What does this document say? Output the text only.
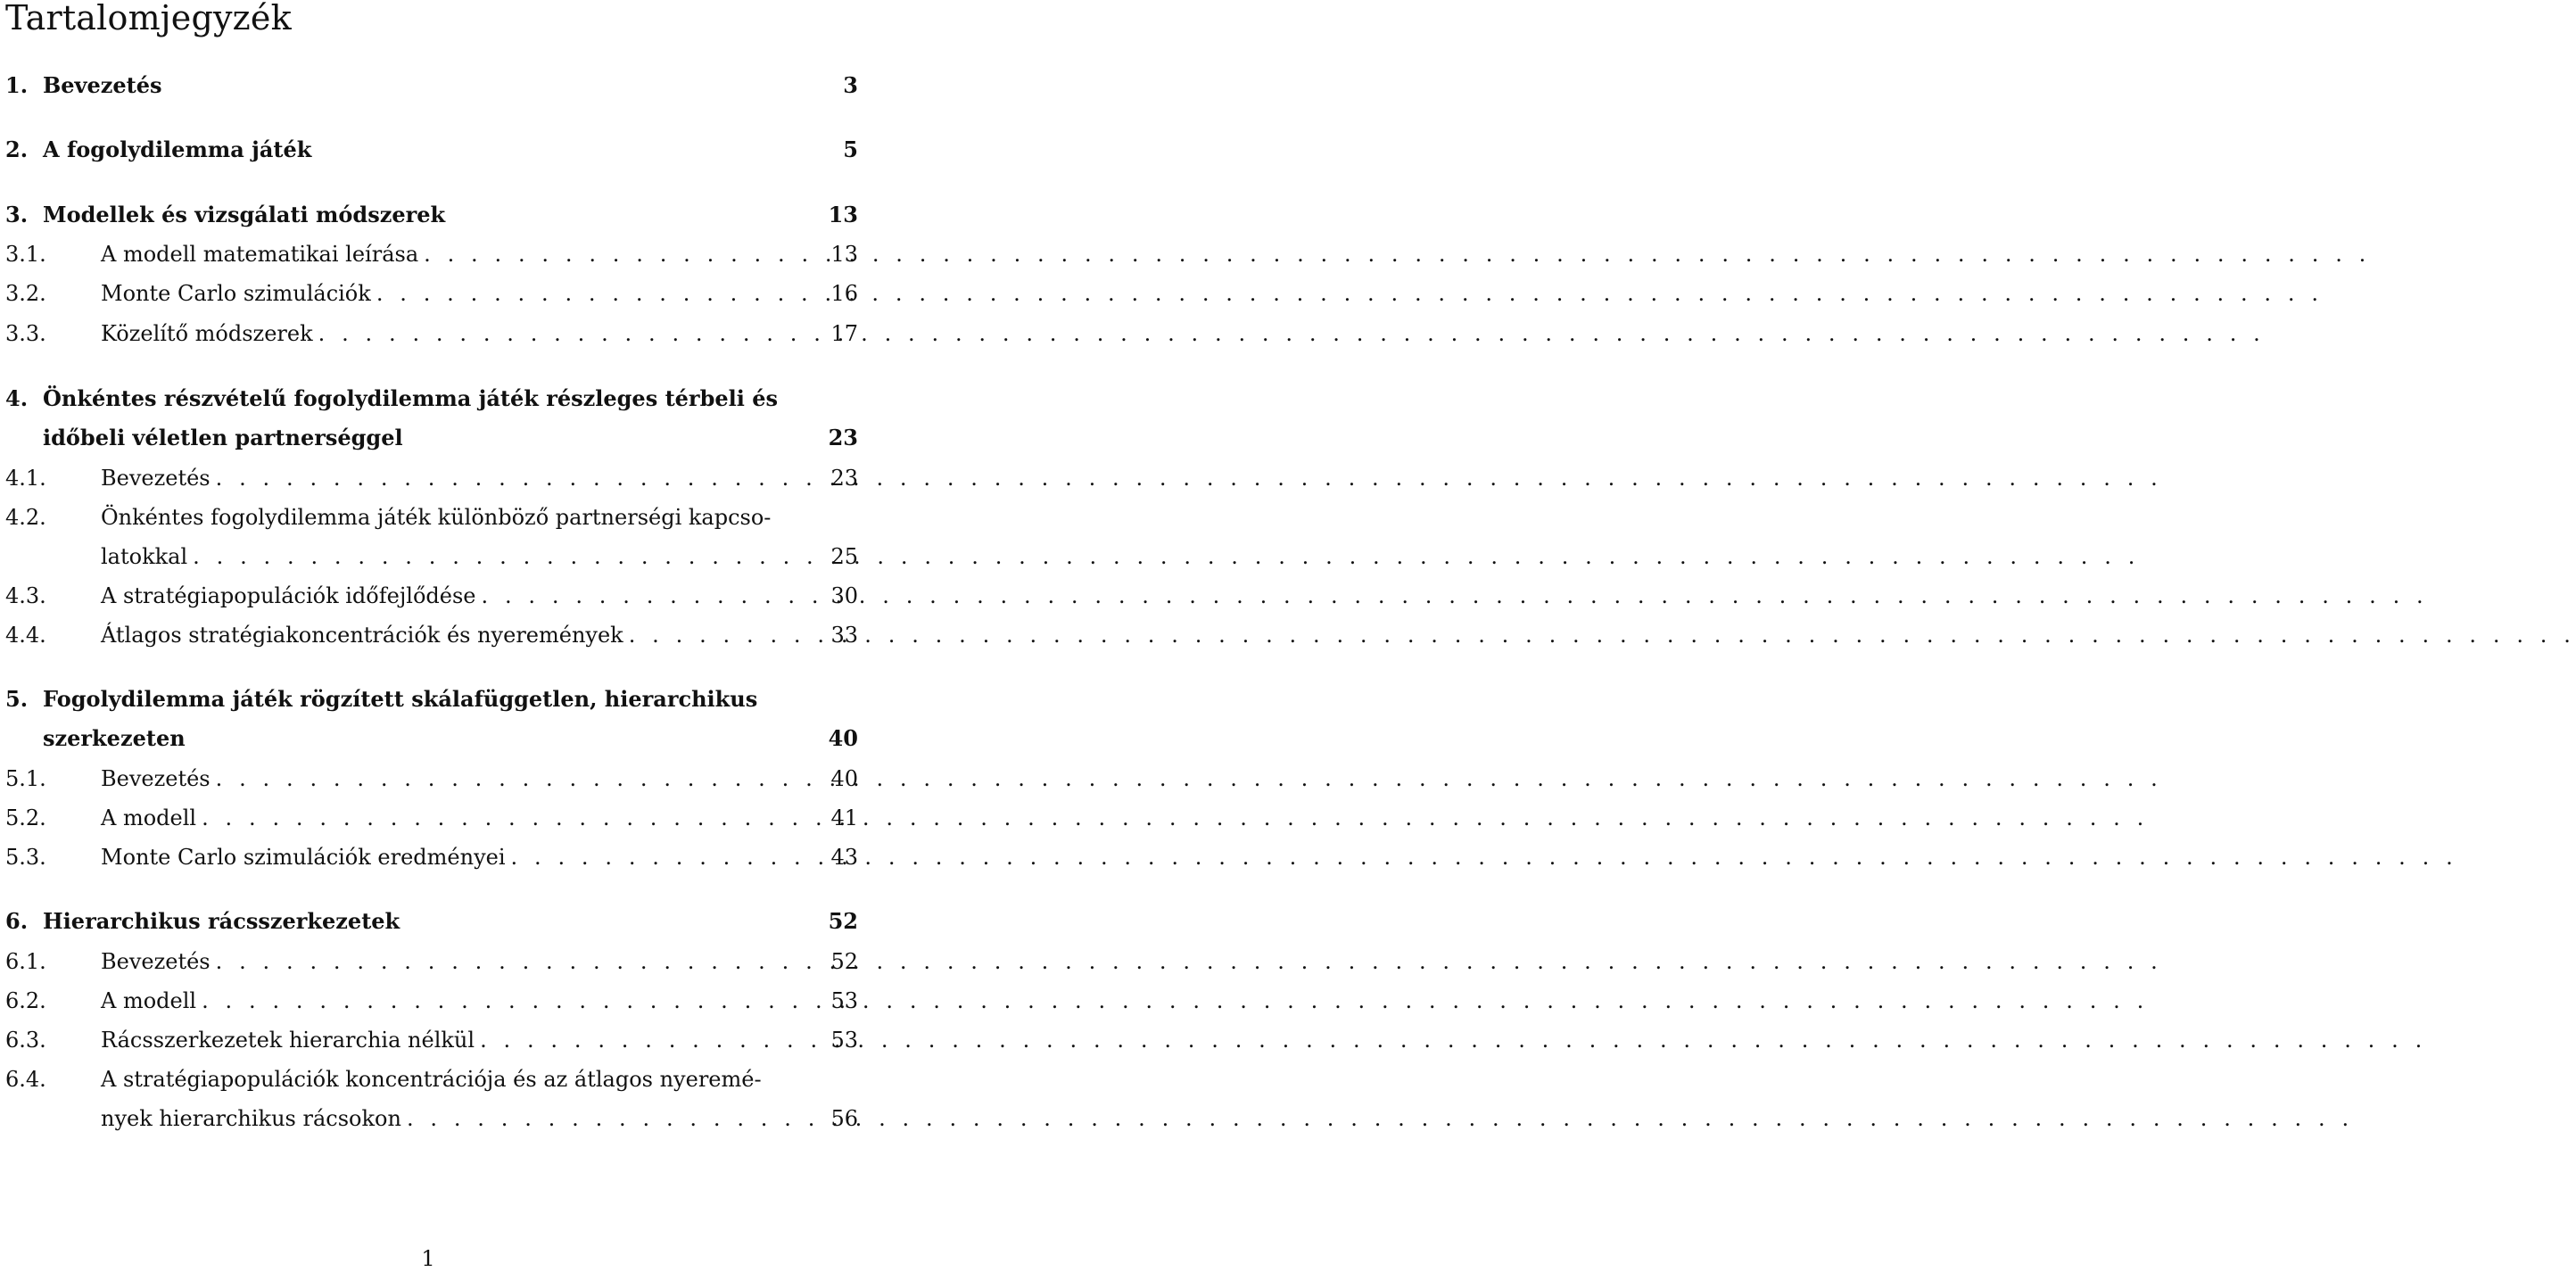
Tartalomjegyzék
1. Bevezetés	3
2. A fogolydilemma játék	5
3. Modellek és vizsgálati módszerek	13
3.1.	A modell matematikai leírása . . .	13
3.2.	Monte Carlo szimulációk . . .	16
3.3.	Közelítő módszerek . . .	17
4. Önkéntes részvételű fogolydilemma játék részleges térbeli és
időbeli véletlen partnerséggel	23
4.1.	Bevezetés . . .	23
4.2.	Önkéntes fogolydilemma játék különböző partnerségi kapcso-
latokkal . . .	25
4.3.	A stratégiapopulációk időfejlődése . . .	30
4.4.	Átlagos stratégiakoncentrációk és nyeremények . . .	33
5. Fogolydilemma játék rögzített skálafüggetlen, hierarchikus
szerkezeten	40
5.1.	Bevezetés . . .	40
5.2.	A modell . . .	41
5.3.	Monte Carlo szimulációk eredményei . . .	43
6. Hierarchikus rácsszerkezetek	52
6.1.	Bevezetés . . .	52
6.2.	A modell . . .	53
6.3.	Rácsszerkezetek hierarchia nélkül . . .	53
6.4.	A stratégiapopulációk koncentrációja és az átlagos nyeremé-
nyek hierarchikus rácsokon . . .	56
1
